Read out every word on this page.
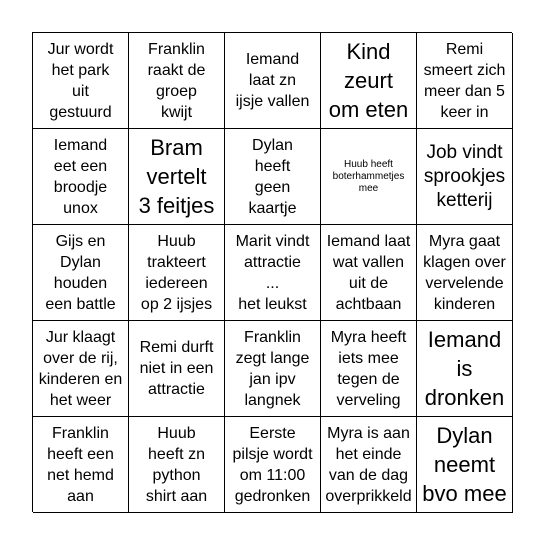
Jur wordt
het park
uit
gestuurd
Franklin
raakt de
groep
kwijt
Iemand
laat zn
ijsje vallen
Kind
zeurt
om eten
Remi
smeert zich
meer dan 5
keer in
Iemand
eet een
broodje
unox
Bram
vertelt
3 feitjes
Dylan
heeft
geen
kaartje
Huub heeft
boterhammetjes
mee
Job vindt
sprookjes
ketterij
Gijs en
Dylan
houden
een battle
Huub
trakteert
iedereen
op 2 ijsjes
Marit vindt
attractie
...
het leukst
Iemand laat
wat vallen
uit de
achtbaan
Myra gaat
klagen over
vervelende
kinderen
Jur klaagt
over de rij,
kinderen en
het weer
Remi durft
niet in een
attractie
Franklin
zegt lange
jan ipv
langnek
Myra heeft
iets mee
tegen de
verveling
Iemand
is
dronken
Franklin
heeft een
net hemd
aan
Huub
heeft zn
python
shirt aan
Eerste
pilsje wordt
om 11:00
gedronken
Myra is aan
het einde
van de dag
overprikkeld
Dylan
neemt
bvo mee
